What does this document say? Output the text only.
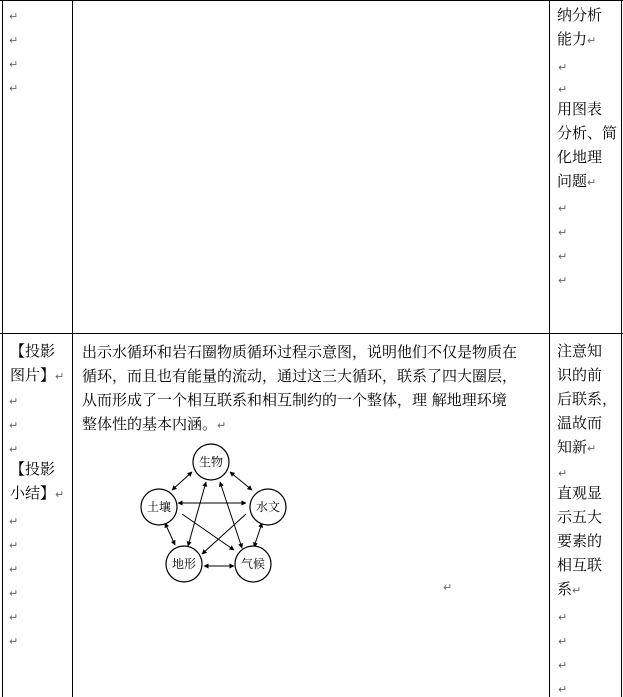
↵
↵
↵
↵
纳分析
能力↵
↵
↵
用图表
分析、简
化地理
问题↵
↵
↵
↵
↵
【投影
图片】↵
↵
↵
↵
【投影
小结】↵
↵
↵
↵
↵
↵
↵
出示水循环和岩石圈物质循环过程示意图，说明他们不仅是物质在
循环，而且也有能量的流动，通过这三大循环，联系了四大圈层，
从而形成了一个相互联系和相互制约的一个整体，理 解地理环境
整体性的基本内涵。↵
↵
生物
土壤	水文
地形	气候
注意知
识的前
后联系，
温故而
知新↵
↵
直观显
示五大
要素的
相互联
系↵
↵
↵
↵
↵
